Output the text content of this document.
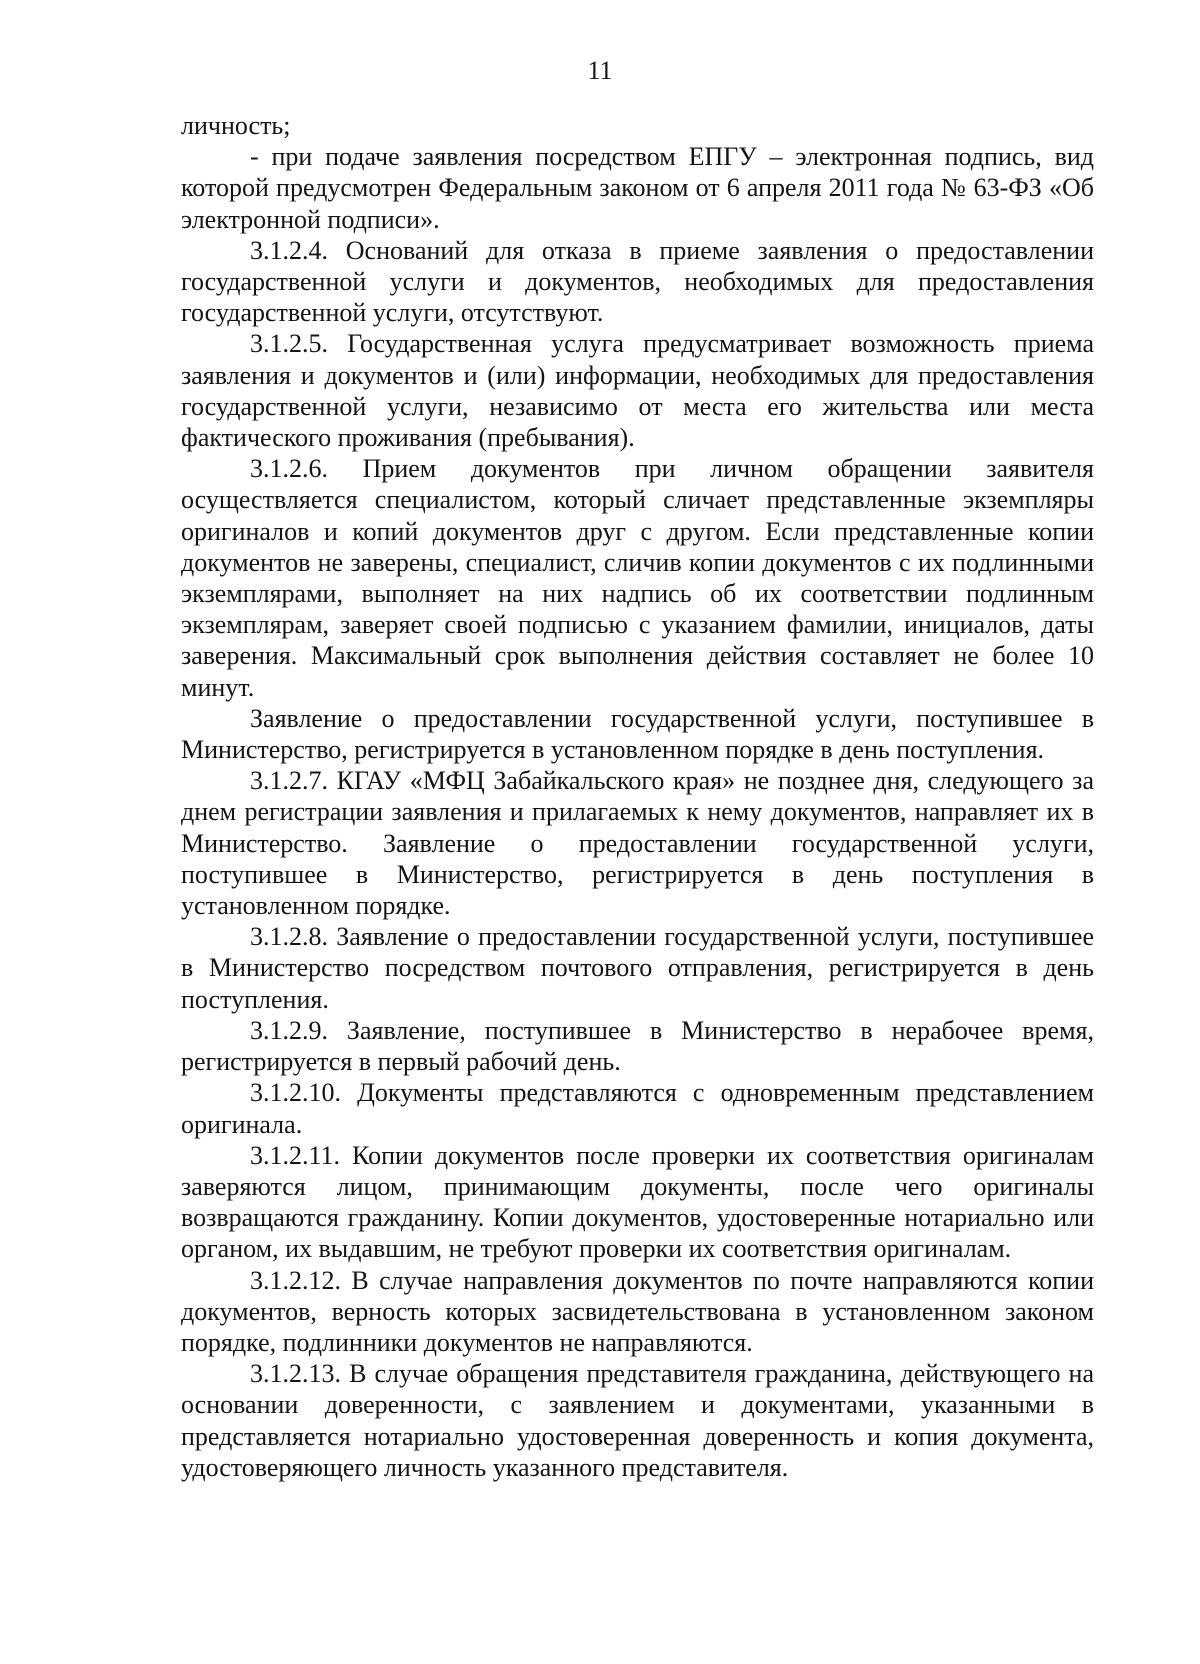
11

личность;

- при подаче заявления посредством ЕПГУ – электронная подпись, вид которой предусмотрен Федеральным законом от 6 апреля 2011 года № 63-ФЗ «Об электронной подписи».

3.1.2.4. Оснований для отказа в приеме заявления о предоставлении государственной услуги и документов, необходимых для предоставления государственной услуги, отсутствуют.

3.1.2.5. Государственная услуга предусматривает возможность приема заявления и документов и (или) информации, необходимых для предоставления государственной услуги, независимо от места его жительства или места фактического проживания (пребывания).

3.1.2.6. Прием документов при личном обращении заявителя осуществляется специалистом, который сличает представленные экземпляры оригиналов и копий документов друг с другом. Если представленные копии документов не заверены, специалист, сличив копии документов с их подлинными экземплярами, выполняет на них надпись об их соответствии подлинным экземплярам, заверяет своей подписью с указанием фамилии, инициалов, даты заверения. Максимальный срок выполнения действия составляет не более 10 минут.

Заявление о предоставлении государственной услуги, поступившее в Министерство, регистрируется в установленном порядке в день поступления.

3.1.2.7. КГАУ «МФЦ Забайкальского края» не позднее дня, следующего за днем регистрации заявления и прилагаемых к нему документов, направляет их в Министерство. Заявление о предоставлении государственной услуги, поступившее в Министерство, регистрируется в день поступления в установленном порядке.

3.1.2.8. Заявление о предоставлении государственной услуги, поступившее в Министерство посредством почтового отправления, регистрируется в день поступления.

3.1.2.9. Заявление, поступившее в Министерство в нерабочее время, регистрируется в первый рабочий день.

3.1.2.10. Документы представляются с одновременным представлением оригинала.

3.1.2.11. Копии документов после проверки их соответствия оригиналам заверяются лицом, принимающим документы, после чего оригиналы возвращаются гражданину. Копии документов, удостоверенные нотариально или органом, их выдавшим, не требуют проверки их соответствия оригиналам.

3.1.2.12. В случае направления документов по почте направляются копии документов, верность которых засвидетельствована в установленном законом порядке, подлинники документов не направляются.

3.1.2.13. В случае обращения представителя гражданина, действующего на основании доверенности, с заявлением и документами, указанными в представляется нотариально удостоверенная доверенность и копия документа, удостоверяющего личность указанного представителя.
